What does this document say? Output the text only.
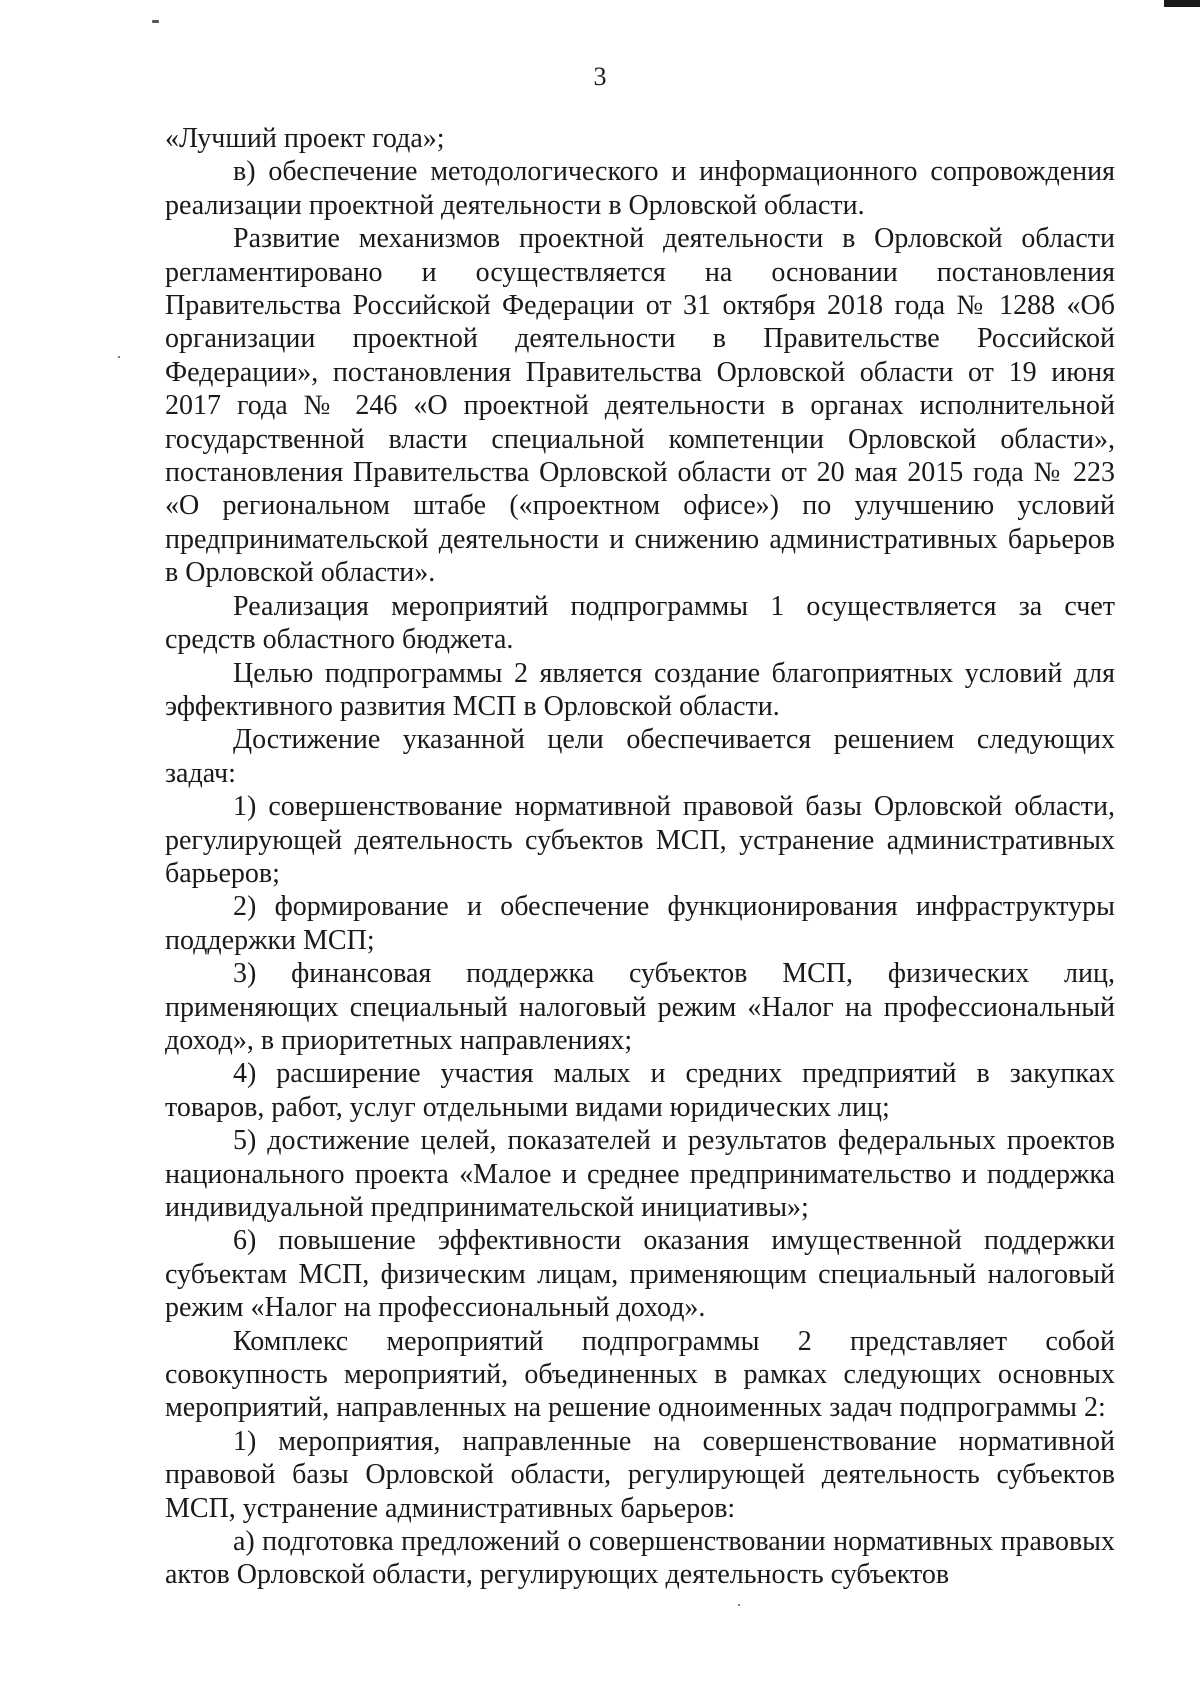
3

«Лучший проект года»;

в) обеспечение методологического и информационного сопровождения реализации проектной деятельности в Орловской области.

Развитие механизмов проектной деятельности в Орловской области регламентировано и осуществляется на основании постановления Правительства Российской Федерации от 31 октября 2018 года № 1288 «Об организации проектной деятельности в Правительстве Российской Федерации», постановления Правительства Орловской области от 19 июня 2017 года № 246 «О проектной деятельности в органах исполнительной государственной власти специальной компетенции Орловской области», постановления Правительства Орловской области от 20 мая 2015 года № 223 «О региональном штабе («проектном офисе») по улучшению условий предпринимательской деятельности и снижению административных барьеров в Орловской области».

Реализация мероприятий подпрограммы 1 осуществляется за счет средств областного бюджета.

Целью подпрограммы 2 является создание благоприятных условий для эффективного развития МСП в Орловской области.

Достижение указанной цели обеспечивается решением следующих задач:

1) совершенствование нормативной правовой базы Орловской области, регулирующей деятельность субъектов МСП, устранение административных барьеров;

2) формирование и обеспечение функционирования инфраструктуры поддержки МСП;

3) финансовая поддержка субъектов МСП, физических лиц, применяющих специальный налоговый режим «Налог на профессиональный доход», в приоритетных направлениях;

4) расширение участия малых и средних предприятий в закупках товаров, работ, услуг отдельными видами юридических лиц;

5) достижение целей, показателей и результатов федеральных проектов национального проекта «Малое и среднее предпринимательство и поддержка индивидуальной предпринимательской инициативы»;

6) повышение эффективности оказания имущественной поддержки субъектам МСП, физическим лицам, применяющим специальный налоговый режим «Налог на профессиональный доход».

Комплекс мероприятий подпрограммы 2 представляет собой совокупность мероприятий, объединенных в рамках следующих основных мероприятий, направленных на решение одноименных задач подпрограммы 2:

1) мероприятия, направленные на совершенствование нормативной правовой базы Орловской области, регулирующей деятельность субъектов МСП, устранение административных барьеров:

а) подготовка предложений о совершенствовании нормативных правовых актов Орловской области, регулирующих деятельность субъектов
